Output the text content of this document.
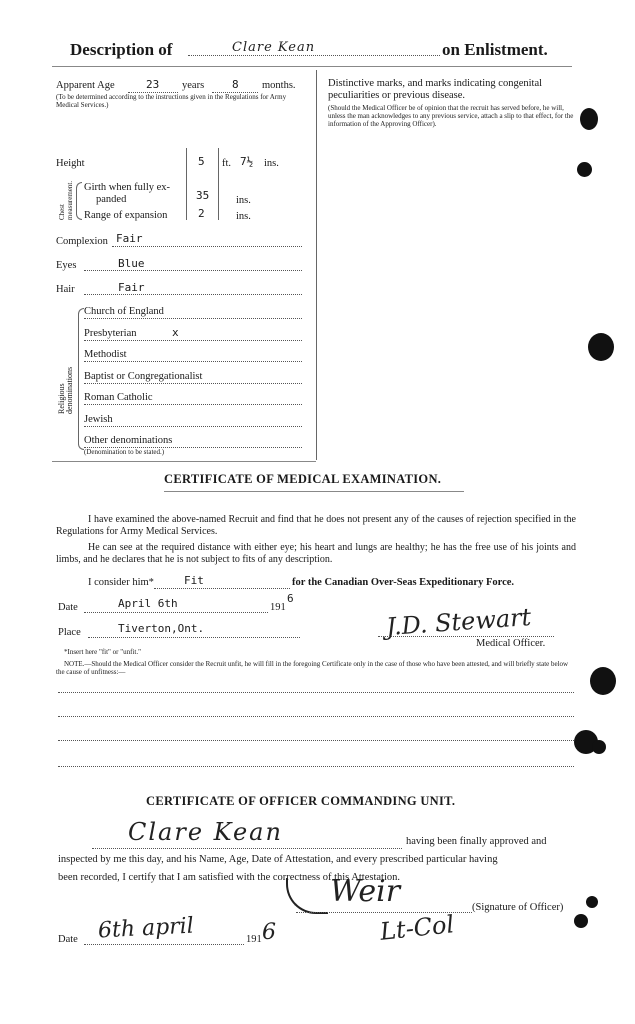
Description of	Clare Kean	on Enlistment.
Apparent Age	23 years	8 months.
(To be determined according to the instructions given in the Regulations for Army Medical Services.)
Height	5 ft. 7½ ins.
Chest measurement. Girth when fully ex-
panded	35	ins.
Range of expansion	2	ins.
Complexion Fair
Eyes	Blue
Hair	Fair
Religious denominations
Church of England
Presbyterian	x
Methodist
Baptist or Congregationalist
Roman Catholic
Jewish
Other denominations
(Denomination to be stated.)
Distinctive marks, and marks indicating congenital
peculiarities or previous disease.
(Should the Medical Officer be of opinion that the recruit has served before, he will, unless the man acknowledges to any previous service, attach a slip to that effect, for the information of the Approving Officer).
CERTIFICATE OF MEDICAL EXAMINATION.
I have examined the above-named Recruit and find that he does not present any of the causes of rejection specified in the Regulations for Army Medical Services.
He can see at the required distance with either eye; his heart and lungs are healthy; he has the free use of his joints and limbs, and he declares that he is not subject to fits of any description.
I consider him*	Fit	for the Canadian Over-Seas Expeditionary Force.
Date	April 6th	191
6
Place	Tiverton,Ont.	J.D. Stewart
Medical Officer.
*Insert here "fit" or "unfit."
NOTE.—Should the Medical Officer consider the Recruit unfit, he will fill in the foregoing Certificate only in the case of those who have been attested, and will briefly state below the cause of unfitness:—
CERTIFICATE OF OFFICER COMMANDING UNIT.
Clare Kean	having been finally approved and
inspected by me this day, and his Name, Age, Date of Attestation, and every prescribed particular having
been recorded, I certify that I am satisfied with the correctness of this Attestation.
Weir	(Signature of Officer)
Date 6th april	191 6	Lt-Col
